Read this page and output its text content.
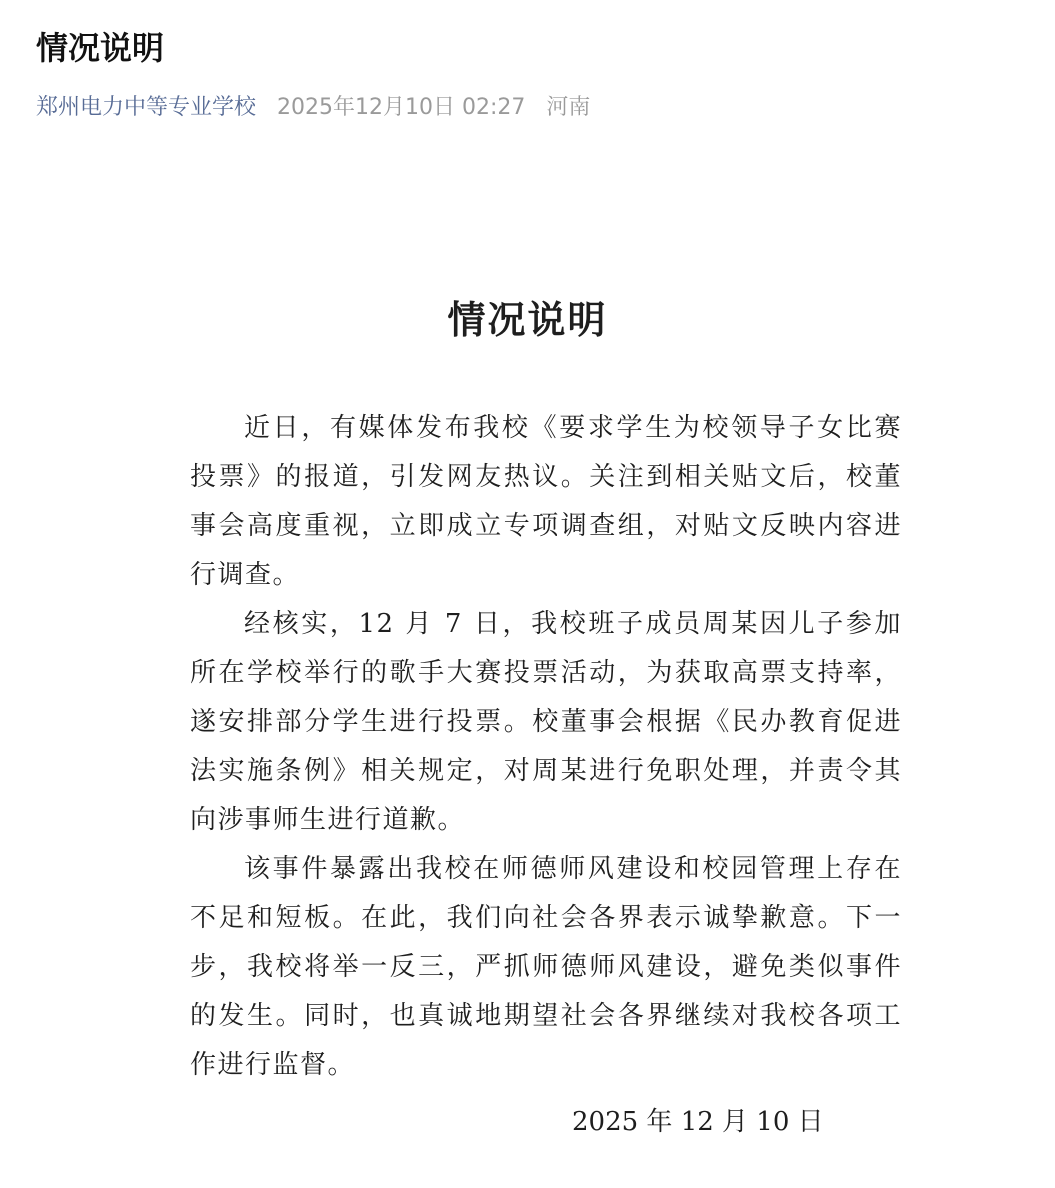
情况说明
郑州电力中等专业学校 2025年12月10日 02:27 河南
情况说明

近日，有媒体发布我校《要求学生为校领导子女比赛投票》的报道，引发网友热议。关注到相关贴文后，校董事会高度重视，立即成立专项调查组，对贴文反映内容进行调查。

经核实，12 月 7 日，我校班子成员周某因儿子参加所在学校举行的歌手大赛投票活动，为获取高票支持率，遂安排部分学生进行投票。校董事会根据《民办教育促进法实施条例》相关规定，对周某进行免职处理，并责令其向涉事师生进行道歉。

该事件暴露出我校在师德师风建设和校园管理上存在不足和短板。在此，我们向社会各界表示诚挚歉意。下一步，我校将举一反三，严抓师德师风建设，避免类似事件的发生。同时，也真诚地期望社会各界继续对我校各项工作进行监督。

2025 年 12 月 10 日
